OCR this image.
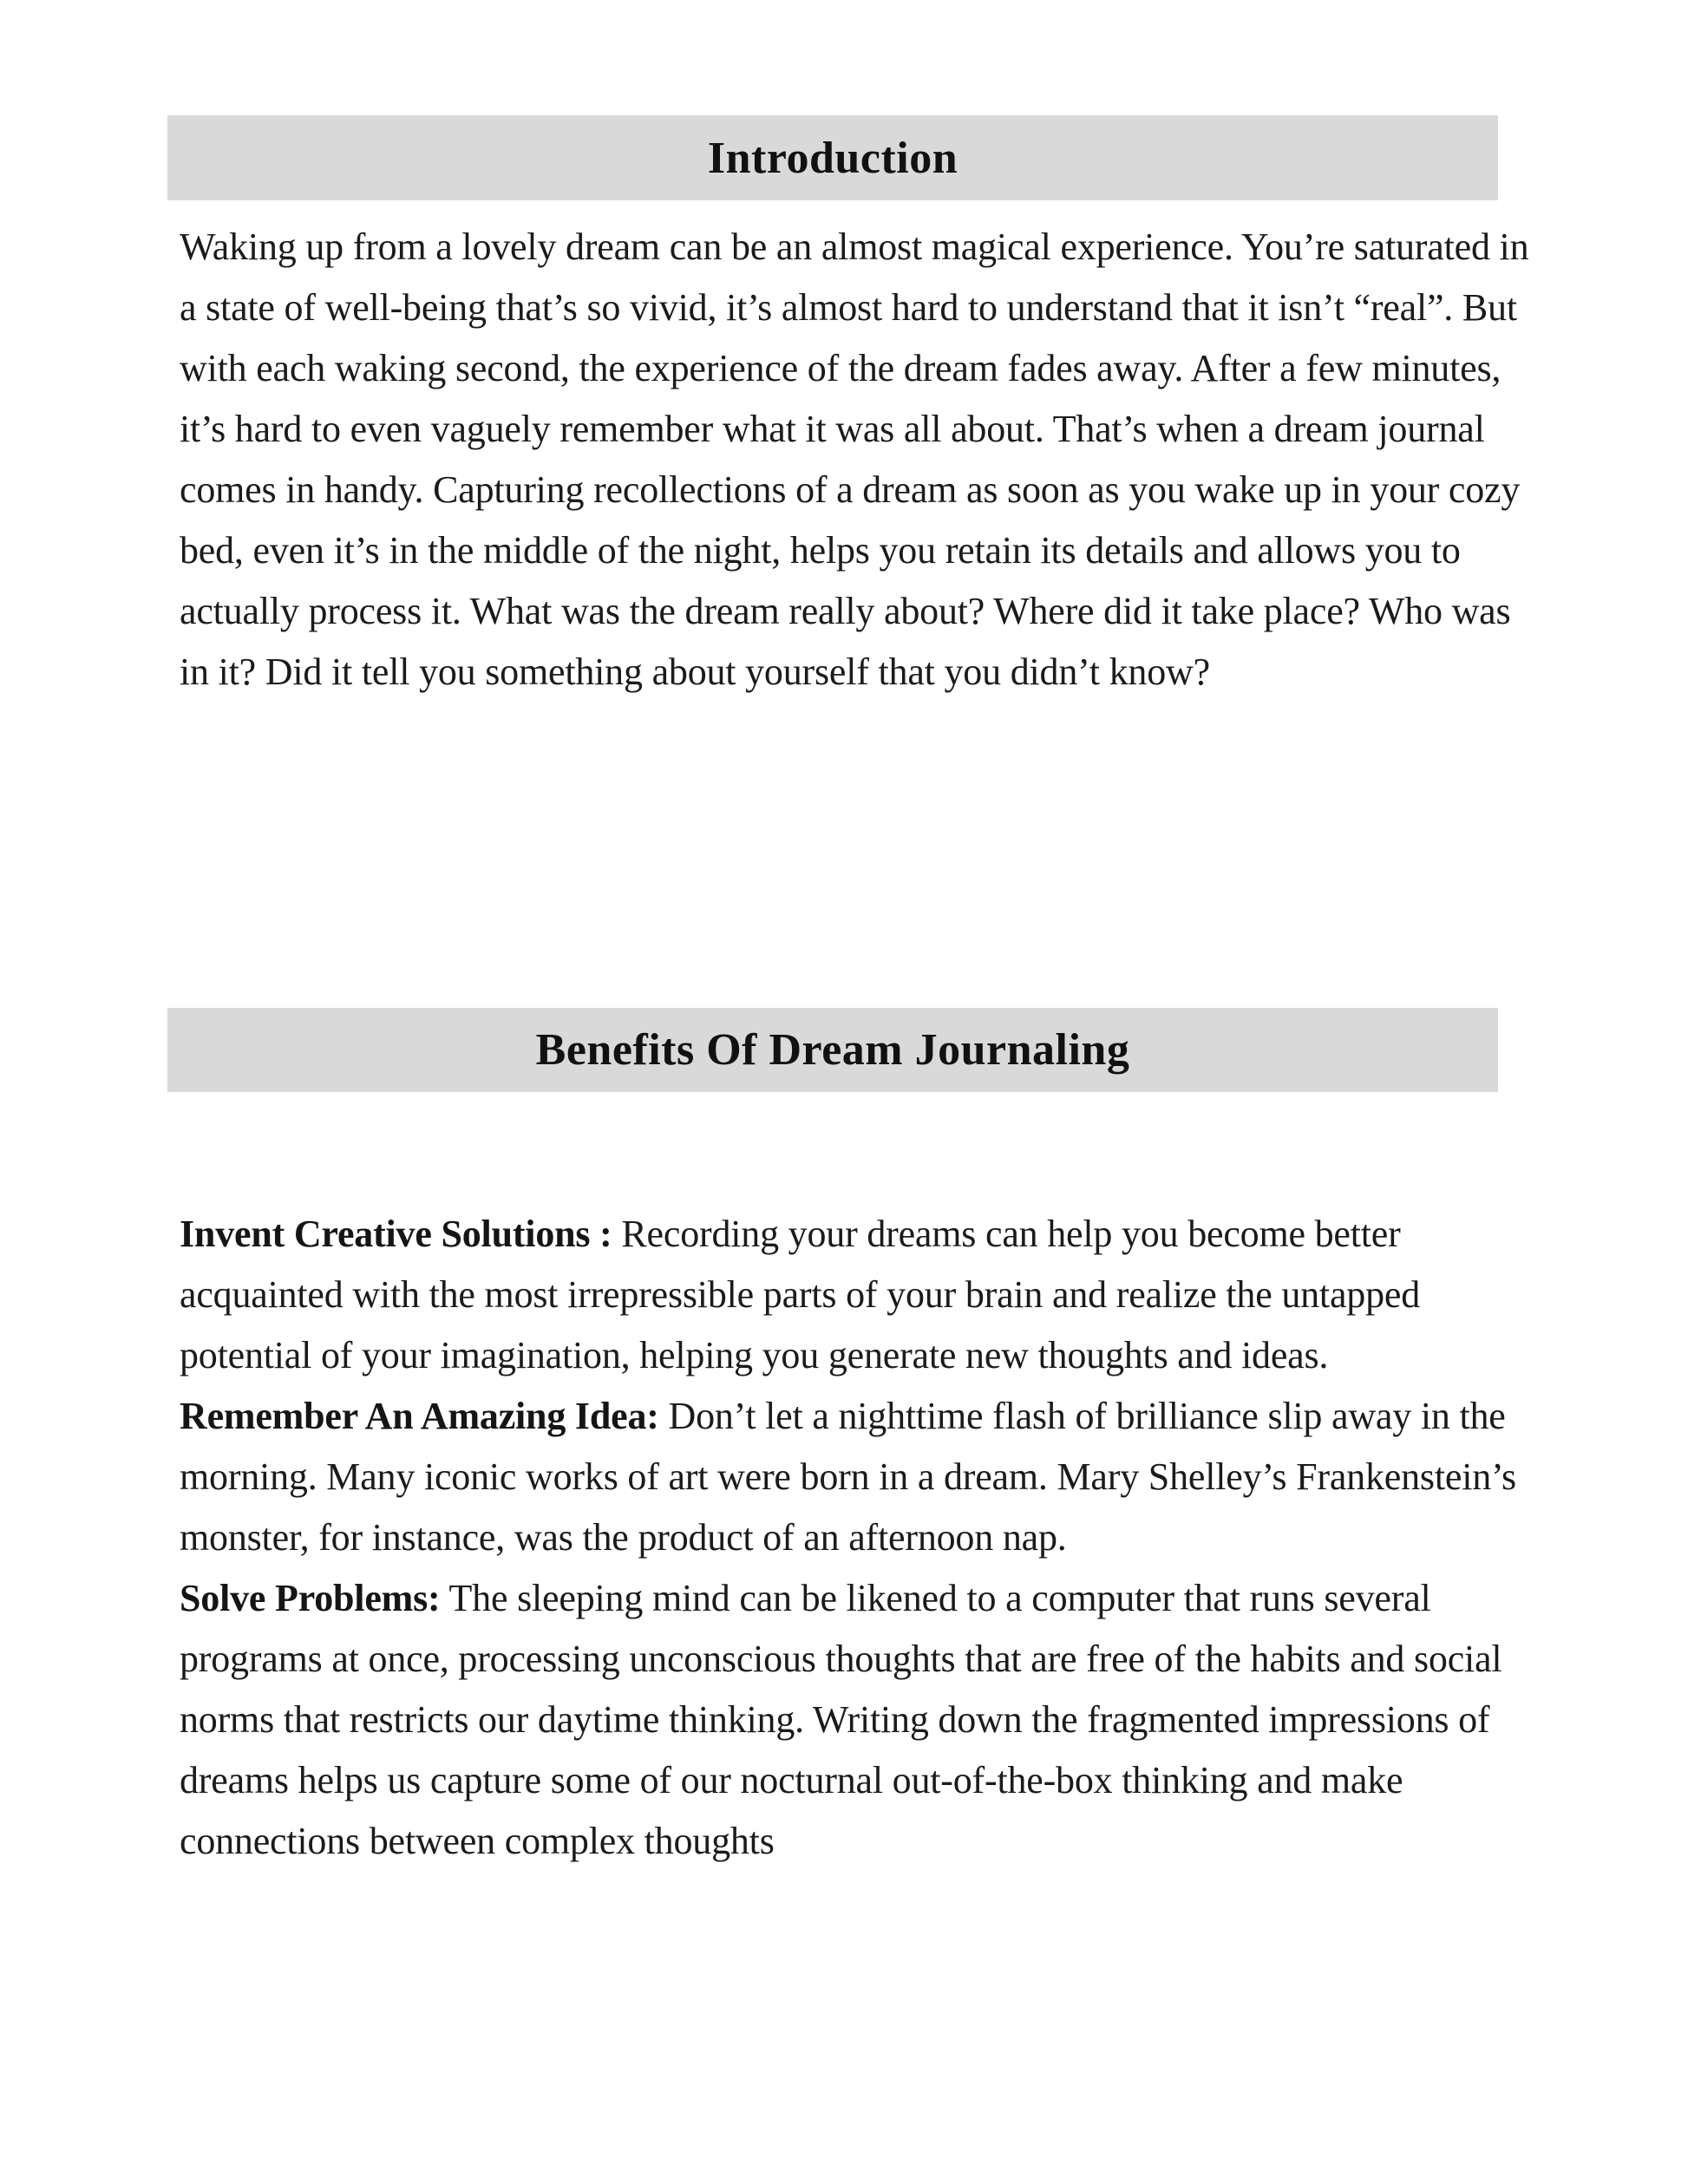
Introduction

Waking up from a lovely dream can be an almost magical experience. You’re saturated in a state of well-being that’s so vivid, it’s almost hard to understand that it isn’t “real”. But with each waking second, the experience of the dream fades away. After a few minutes, it’s hard to even vaguely remember what it was all about. That’s when a dream journal comes in handy. Capturing recollections of a dream as soon as you wake up in your cozy bed, even it’s in the middle of the night, helps you retain its details and allows you to actually process it. What was the dream really about? Where did it take place? Who was in it? Did it tell you something about yourself that you didn’t know?

Benefits Of Dream Journaling

Invent Creative Solutions : Recording your dreams can help you become better acquainted with the most irrepressible parts of your brain and realize the untapped potential of your imagination, helping you generate new thoughts and ideas.

Remember An Amazing Idea: Don’t let a nighttime flash of brilliance slip away in the morning. Many iconic works of art were born in a dream. Mary Shelley’s Frankenstein’s monster, for instance, was the product of an afternoon nap.

Solve Problems: The sleeping mind can be likened to a computer that runs several programs at once, processing unconscious thoughts that are free of the habits and social norms that restricts our daytime thinking. Writing down the fragmented impressions of dreams helps us capture some of our nocturnal out-of-the-box thinking and make connections between complex thoughts
